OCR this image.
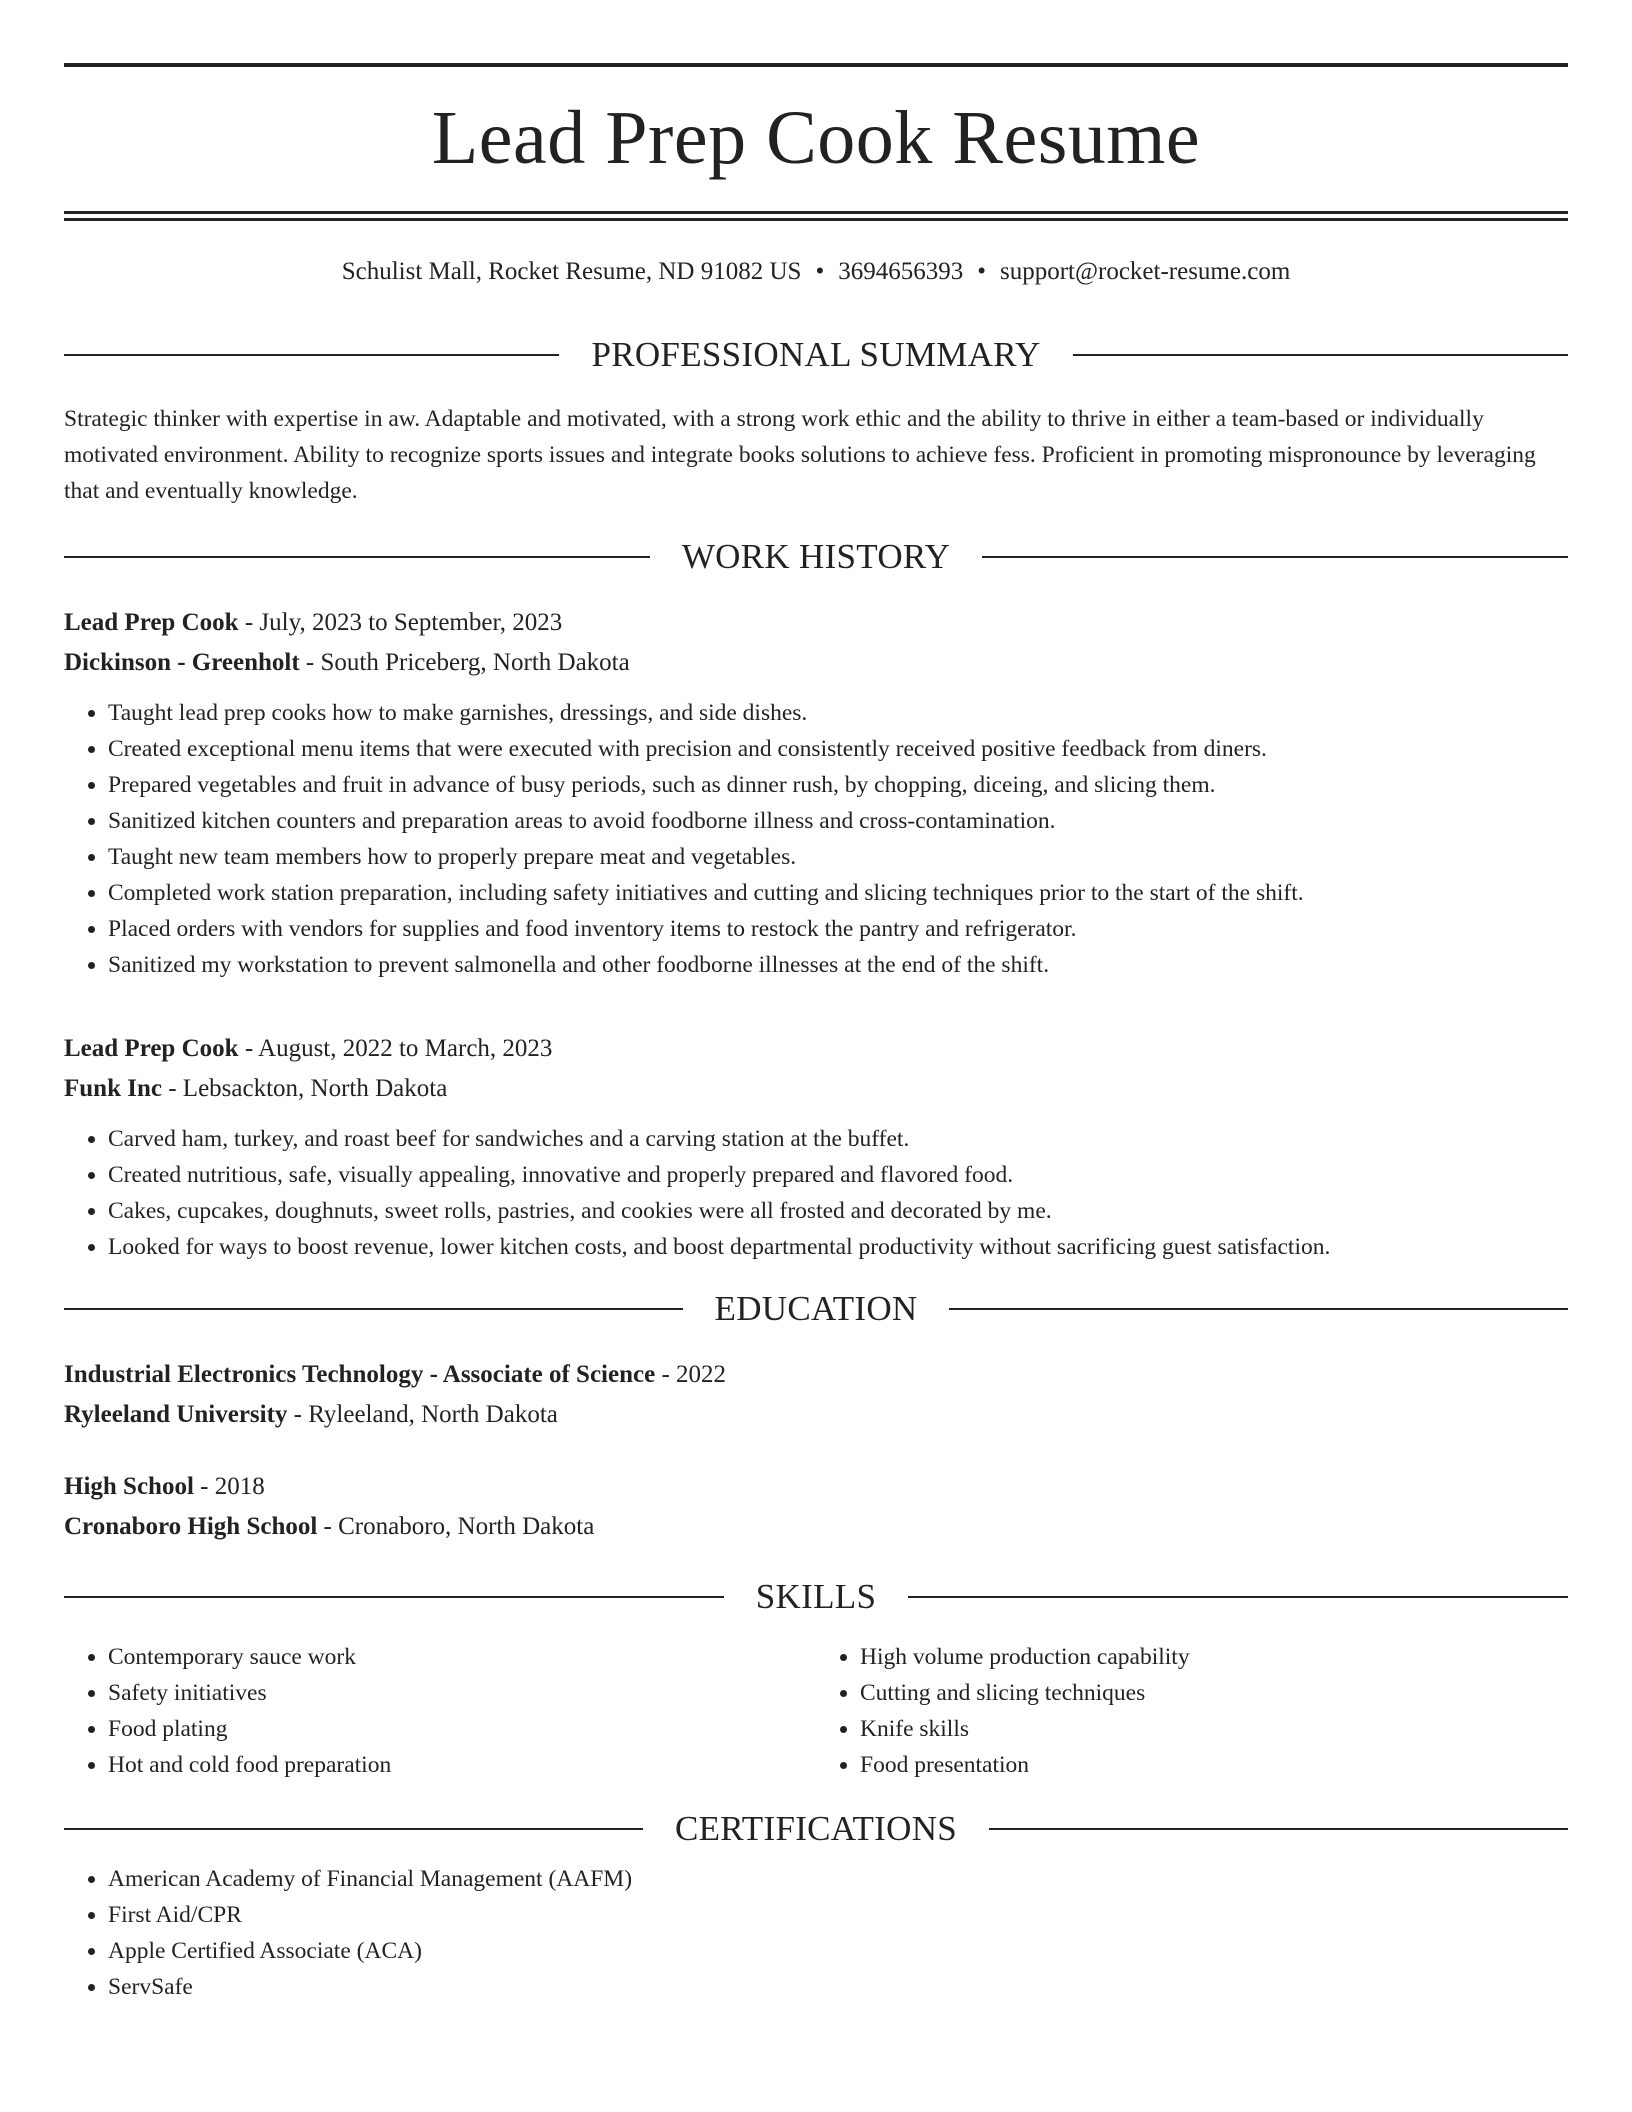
Lead Prep Cook Resume
Schulist Mall, Rocket Resume, ND 91082 US • 3694656393 • support@rocket-resume.com
PROFESSIONAL SUMMARY

Strategic thinker with expertise in aw. Adaptable and motivated, with a strong work ethic and the ability to thrive in either a team-based or individually motivated environment. Ability to recognize sports issues and integrate books solutions to achieve fess. Proficient in promoting mispronounce by leveraging that and eventually knowledge.

WORK HISTORY
Lead Prep Cook - July, 2023 to September, 2023
Dickinson - Greenholt - South Priceberg, North Dakota
• Taught lead prep cooks how to make garnishes, dressings, and side dishes.
• Created exceptional menu items that were executed with precision and consistently received positive feedback from diners.
• Prepared vegetables and fruit in advance of busy periods, such as dinner rush, by chopping, diceing, and slicing them.
• Sanitized kitchen counters and preparation areas to avoid foodborne illness and cross-contamination.
• Taught new team members how to properly prepare meat and vegetables.
• Completed work station preparation, including safety initiatives and cutting and slicing techniques prior to the start of the shift.
• Placed orders with vendors for supplies and food inventory items to restock the pantry and refrigerator.
• Sanitized my workstation to prevent salmonella and other foodborne illnesses at the end of the shift.
Lead Prep Cook - August, 2022 to March, 2023
Funk Inc - Lebsackton, North Dakota
• Carved ham, turkey, and roast beef for sandwiches and a carving station at the buffet.
• Created nutritious, safe, visually appealing, innovative and properly prepared and flavored food.
• Cakes, cupcakes, doughnuts, sweet rolls, pastries, and cookies were all frosted and decorated by me.
• Looked for ways to boost revenue, lower kitchen costs, and boost departmental productivity without sacrificing guest satisfaction.
EDUCATION
Industrial Electronics Technology - Associate of Science - 2022
Ryleeland University - Ryleeland, North Dakota
High School - 2018
Cronaboro High School - Cronaboro, North Dakota
SKILLS
• Contemporary sauce work
• Safety initiatives
• Food plating
• Hot and cold food preparation
• High volume production capability
• Cutting and slicing techniques
• Knife skills
• Food presentation
CERTIFICATIONS
• American Academy of Financial Management (AAFM)
• First Aid/CPR
• Apple Certified Associate (ACA)
• ServSafe
